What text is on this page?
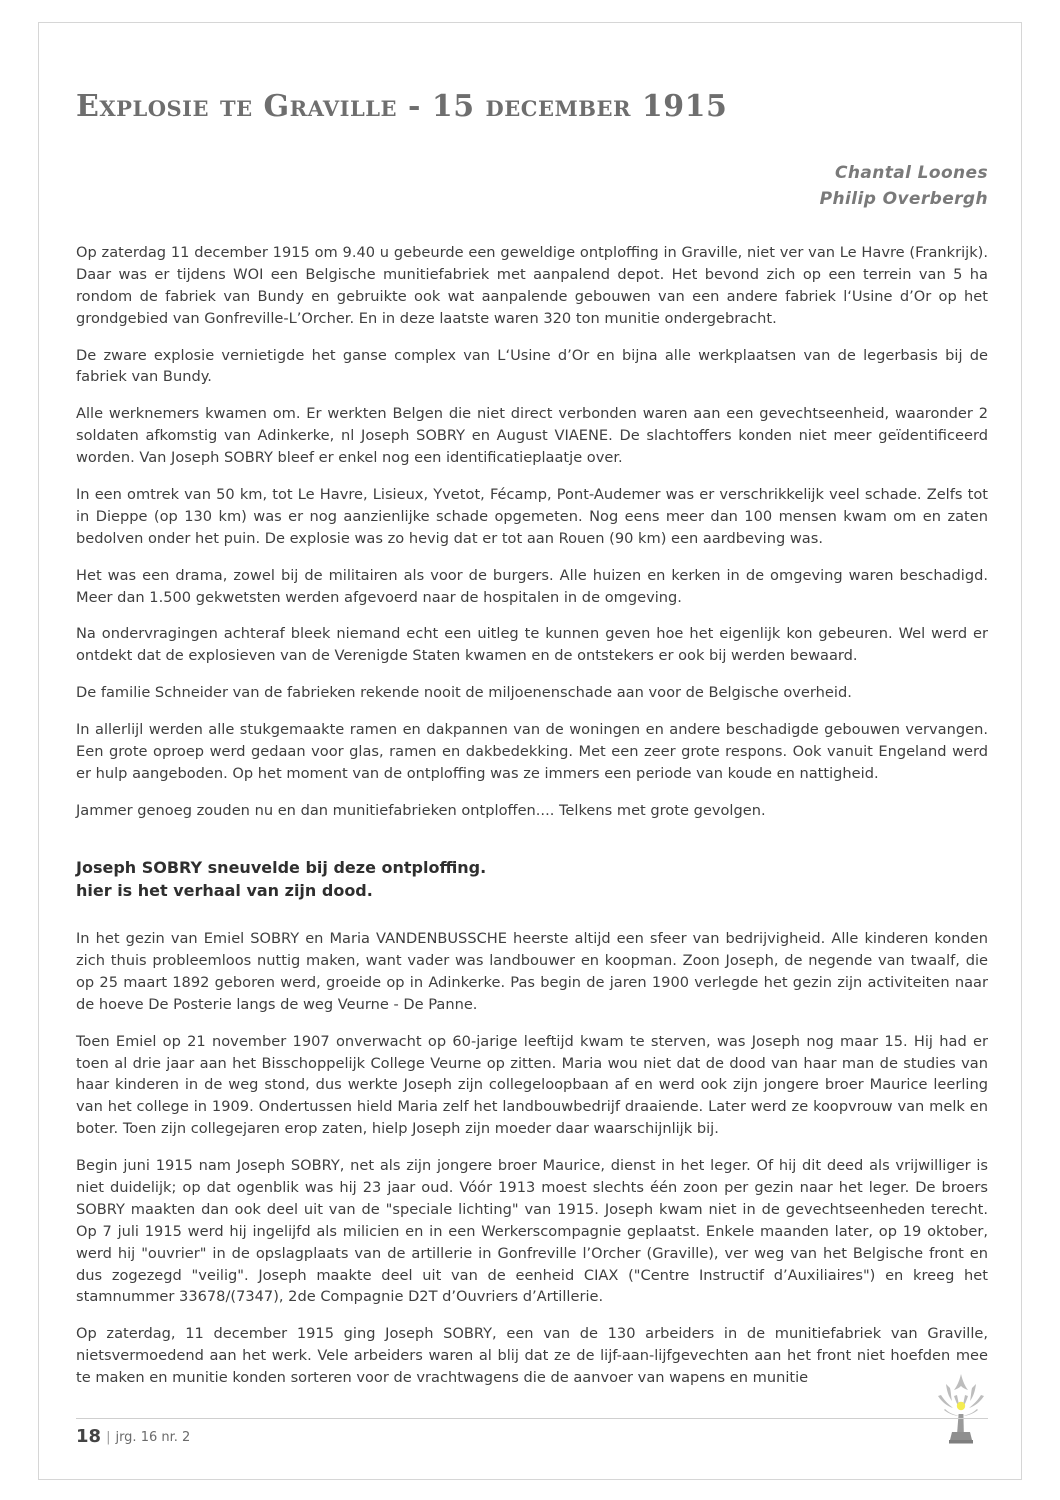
Explosie te Graville - 15 december 1915
Chantal Loones
Philip Overbergh

Op zaterdag 11 december 1915 om 9.40 u gebeurde een geweldige ontploffing in Graville, niet ver van Le Havre (Frankrijk). Daar was er tijdens WOI een Belgische munitiefabriek met aanpalend depot. Het bevond zich op een terrein van 5 ha rondom de fabriek van Bundy en gebruikte ook wat aanpalende gebouwen van een andere fabriek l‘Usine d’Or op het grondgebied van Gonfreville-L’Orcher. En in deze laatste waren 320 ton munitie ondergebracht.

De zware explosie vernietigde het ganse complex van L‘Usine d’Or en bijna alle werkplaatsen van de legerbasis bij de fabriek van Bundy.

Alle werknemers kwamen om. Er werkten Belgen die niet direct verbonden waren aan een gevechtseenheid, waaronder 2 soldaten afkomstig van Adinkerke, nl Joseph SOBRY en August VIAENE. De slachtoffers konden niet meer geïdentificeerd worden. Van Joseph SOBRY bleef er enkel nog een identificatieplaatje over.

In een omtrek van 50 km, tot Le Havre, Lisieux, Yvetot, Fécamp, Pont-Audemer was er verschrikkelijk veel schade. Zelfs tot in Dieppe (op 130 km) was er nog aanzienlijke schade opgemeten. Nog eens meer dan 100 mensen kwam om en zaten bedolven onder het puin. De explosie was zo hevig dat er tot aan Rouen (90 km) een aardbeving was.

Het was een drama, zowel bij de militairen als voor de burgers. Alle huizen en kerken in de omgeving waren beschadigd. Meer dan 1.500 gekwetsten werden afgevoerd naar de hospitalen in de omgeving.

Na ondervragingen achteraf bleek niemand echt een uitleg te kunnen geven hoe het eigenlijk kon gebeuren. Wel werd er ontdekt dat de explosieven van de Verenigde Staten kwamen en de ontstekers er ook bij werden bewaard.

De familie Schneider van de fabrieken rekende nooit de miljoenenschade aan voor de Belgische overheid.

In allerlijl werden alle stukgemaakte ramen en dakpannen van de woningen en andere beschadigde gebouwen vervangen. Een grote oproep werd gedaan voor glas, ramen en dakbedekking. Met een zeer grote respons. Ook vanuit Engeland werd er hulp aangeboden. Op het moment van de ontploffing was ze immers een periode van koude en nattigheid.

Jammer genoeg zouden nu en dan munitiefabrieken ontploffen.... Telkens met grote gevolgen.

Joseph SOBRY sneuvelde bij deze ontploffing.
hier is het verhaal van zijn dood.

In het gezin van Emiel SOBRY en Maria VANDENBUSSCHE heerste altijd een sfeer van bedrijvigheid. Alle kinderen konden zich thuis probleemloos nuttig maken, want vader was landbouwer en koopman. Zoon Joseph, de negende van twaalf, die op 25 maart 1892 geboren werd, groeide op in Adinkerke. Pas begin de jaren 1900 verlegde het gezin zijn activiteiten naar de hoeve De Posterie langs de weg Veurne - De Panne.

Toen Emiel op 21 november 1907 onverwacht op 60-jarige leeftijd kwam te sterven, was Joseph nog maar 15. Hij had er toen al drie jaar aan het Bisschoppelijk College Veurne op zitten. Maria wou niet dat de dood van haar man de studies van haar kinderen in de weg stond, dus werkte Joseph zijn collegeloopbaan af en werd ook zijn jongere broer Maurice leerling van het college in 1909. Ondertussen hield Maria zelf het landbouwbedrijf draaiende. Later werd ze koopvrouw van melk en boter. Toen zijn collegejaren erop zaten, hielp Joseph zijn moeder daar waarschijnlijk bij.

Begin juni 1915 nam Joseph SOBRY, net als zijn jongere broer Maurice, dienst in het leger. Of hij dit deed als vrijwilliger is niet duidelijk; op dat ogenblik was hij 23 jaar oud. Vóór 1913 moest slechts één zoon per gezin naar het leger. De broers SOBRY maakten dan ook deel uit van de "speciale lichting" van 1915. Joseph kwam niet in de gevechtseenheden terecht. Op 7 juli 1915 werd hij ingelijfd als milicien en in een Werkerscompagnie geplaatst. Enkele maanden later, op 19 oktober, werd hij "ouvrier" in de opslagplaats van de artillerie in Gonfreville l’Orcher (Graville), ver weg van het Belgische front en dus zogezegd "veilig". Joseph maakte deel uit van de eenheid CIAX ("Centre Instructif d’Auxiliaires") en kreeg het stamnummer 33678/(7347), 2de Compagnie D2T d’Ouvriers d’Artillerie.

Op zaterdag, 11 december 1915 ging Joseph SOBRY, een van de 130 arbeiders in de munitiefabriek van Graville, nietsvermoedend aan het werk. Vele arbeiders waren al blij dat ze de lijf-aan-lijfgevechten aan het front niet hoefden mee te maken en munitie konden sorteren voor de vrachtwagens die de aanvoer van wapens en munitie

18 | jrg. 16 nr. 2
